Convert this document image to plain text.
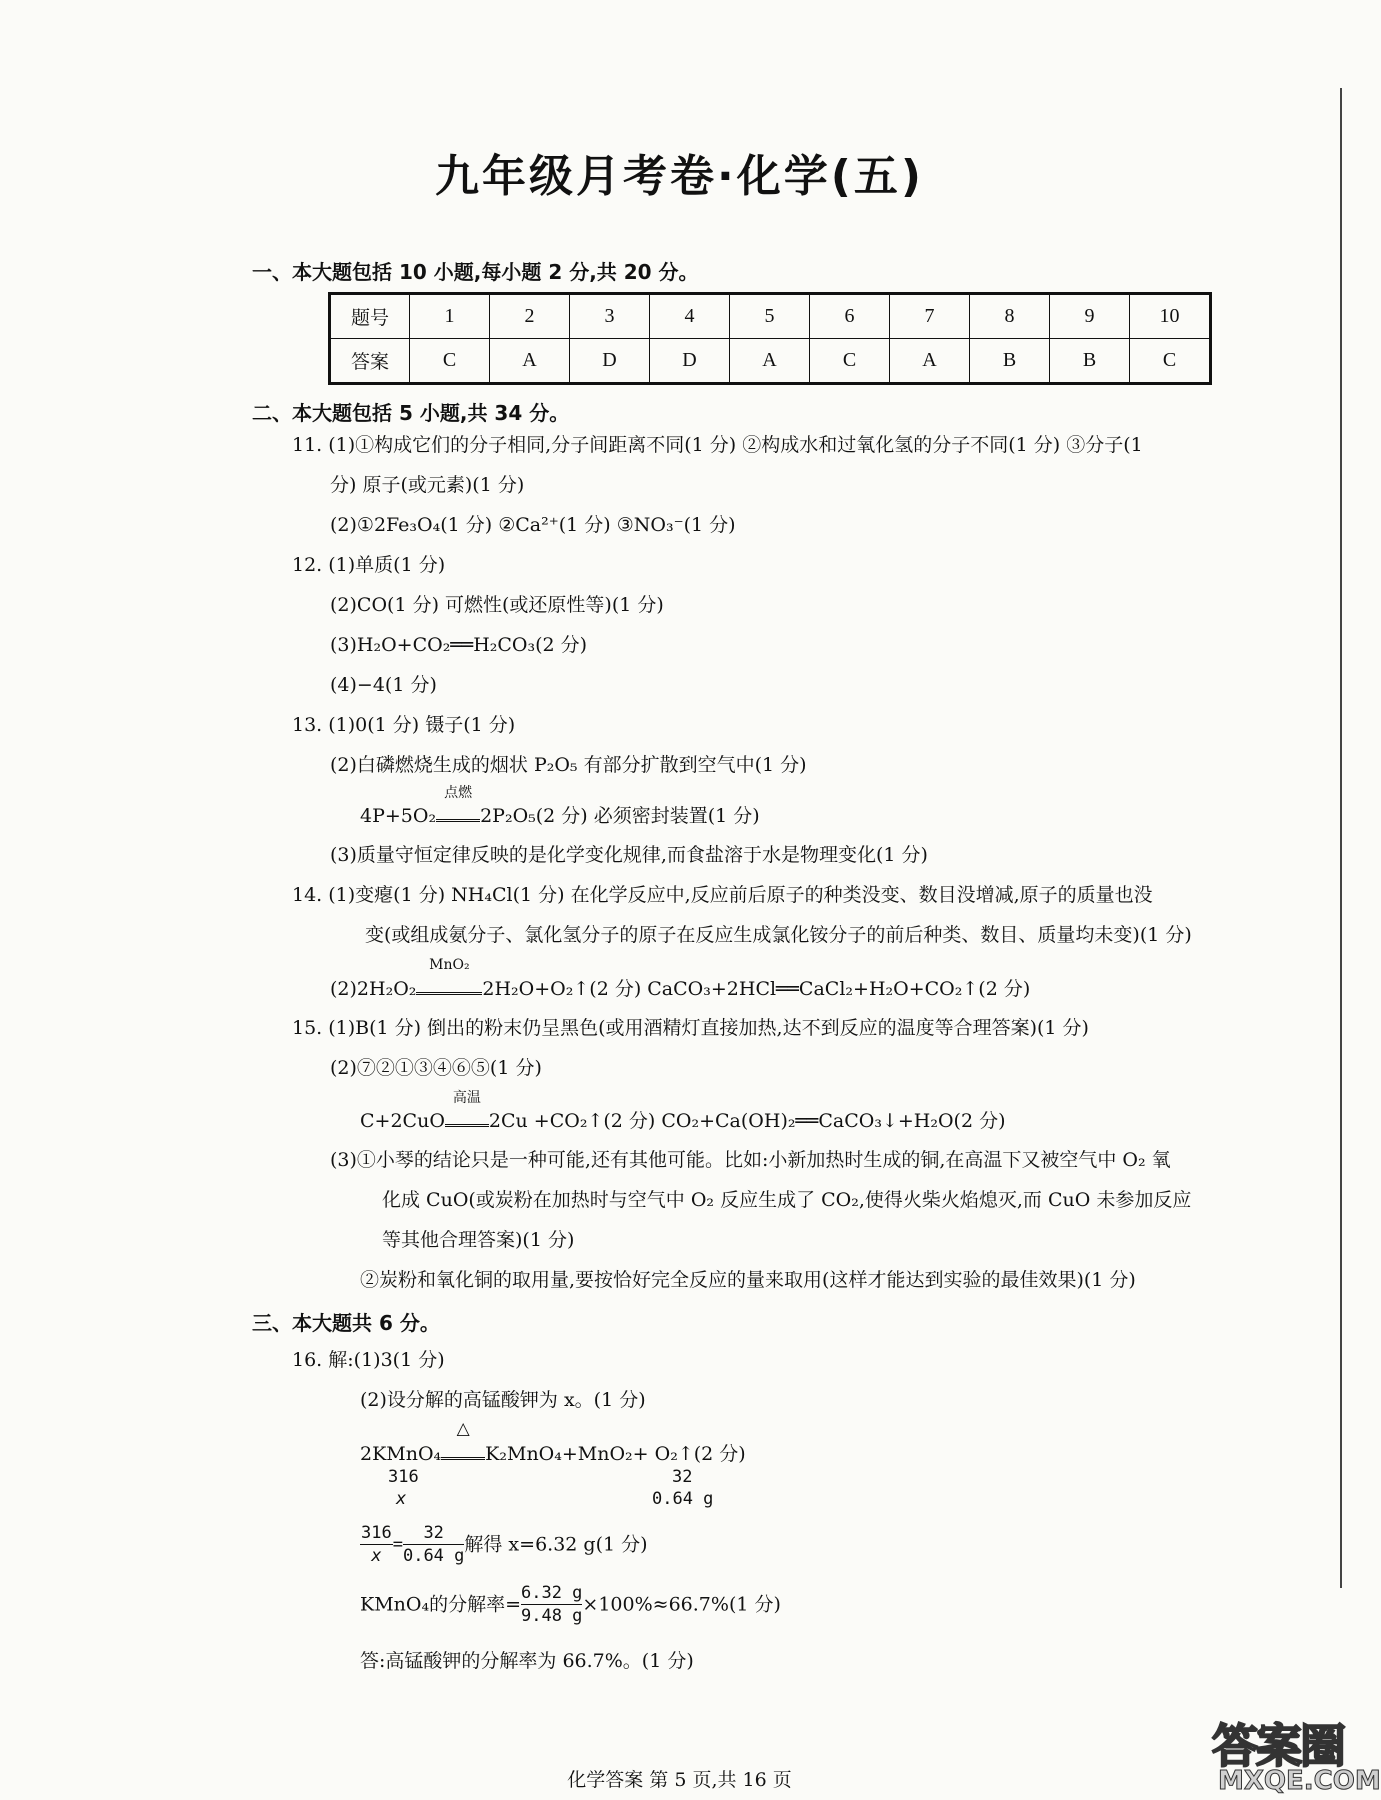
九年级月考卷·化学(五)
一、本大题包括 10 小题,每小题 2 分,共 20 分。
题号	1	2	3	4	5	6	7	8	9	10
答案	C	A	D	D	A	C	A	B	B	C
二、本大题包括 5 小题,共 34 分。
11. (1)①构成它们的分子相同,分子间距离不同(1 分) ②构成水和过氧化氢的分子不同(1 分) ③分子(1
分) 原子(或元素)(1 分)
(2)①2Fe₃O₄(1 分) ②Ca²⁺(1 分) ③NO₃⁻(1 分)
12. (1)单质(1 分)
(2)CO(1 分) 可燃性(或还原性等)(1 分)
(3)H₂O+CO₂══H₂CO₃(2 分)
(4)−4(1 分)
13. (1)0(1 分) 镊子(1 分)
(2)白磷燃烧生成的烟状 P₂O₅ 有部分扩散到空气中(1 分)
4P+5O₂
点燃
2P₂O₅(2 分) 必须密封装置(1 分)
(3)质量守恒定律反映的是化学变化规律,而食盐溶于水是物理变化(1 分)
14. (1)变瘪(1 分) NH₄Cl(1 分) 在化学反应中,反应前后原子的种类没变、数目没增减,原子的质量也没
变(或组成氨分子、氯化氢分子的原子在反应生成氯化铵分子的前后种类、数目、质量均未变)(1 分)
(2)2H₂O₂
MnO₂
2H₂O+O₂↑(2 分) CaCO₃+2HCl══CaCl₂+H₂O+CO₂↑(2 分)
15. (1)B(1 分) 倒出的粉末仍呈黑色(或用酒精灯直接加热,达不到反应的温度等合理答案)(1 分)
(2)⑦②①③④⑥⑤(1 分)
C+2CuO
高温
2Cu +CO₂↑(2 分) CO₂+Ca(OH)₂══CaCO₃↓+H₂O(2 分)
(3)①小琴的结论只是一种可能,还有其他可能。比如:小新加热时生成的铜,在高温下又被空气中 O₂ 氧
化成 CuO(或炭粉在加热时与空气中 O₂ 反应生成了 CO₂,使得火柴火焰熄灭,而 CuO 未参加反应
等其他合理答案)(1 分)
②炭粉和氧化铜的取用量,要按恰好完全反应的量来取用(这样才能达到实验的最佳效果)(1 分)
三、本大题共 6 分。
16. 解:(1)3(1 分)
(2)设分解的高锰酸钾为 x。(1 分)
2KMnO₄
△
K₂MnO₄+MnO₂+ O₂↑(2 分)
316
x
32
0.64 g
$\frac{316}{x} = \frac{32}{0.64 g}$ 解得 x=6.32 g(1 分)
KMnO₄的分解率= $\frac{6.32 g}{9.48 g} \times 100\%\approx 66.7\%(1$ 分)
答:高锰酸钾的分解率为 66.7%。(1 分)
化学答案 第 5 页,共 16 页
答案圈
MXQE.COM
